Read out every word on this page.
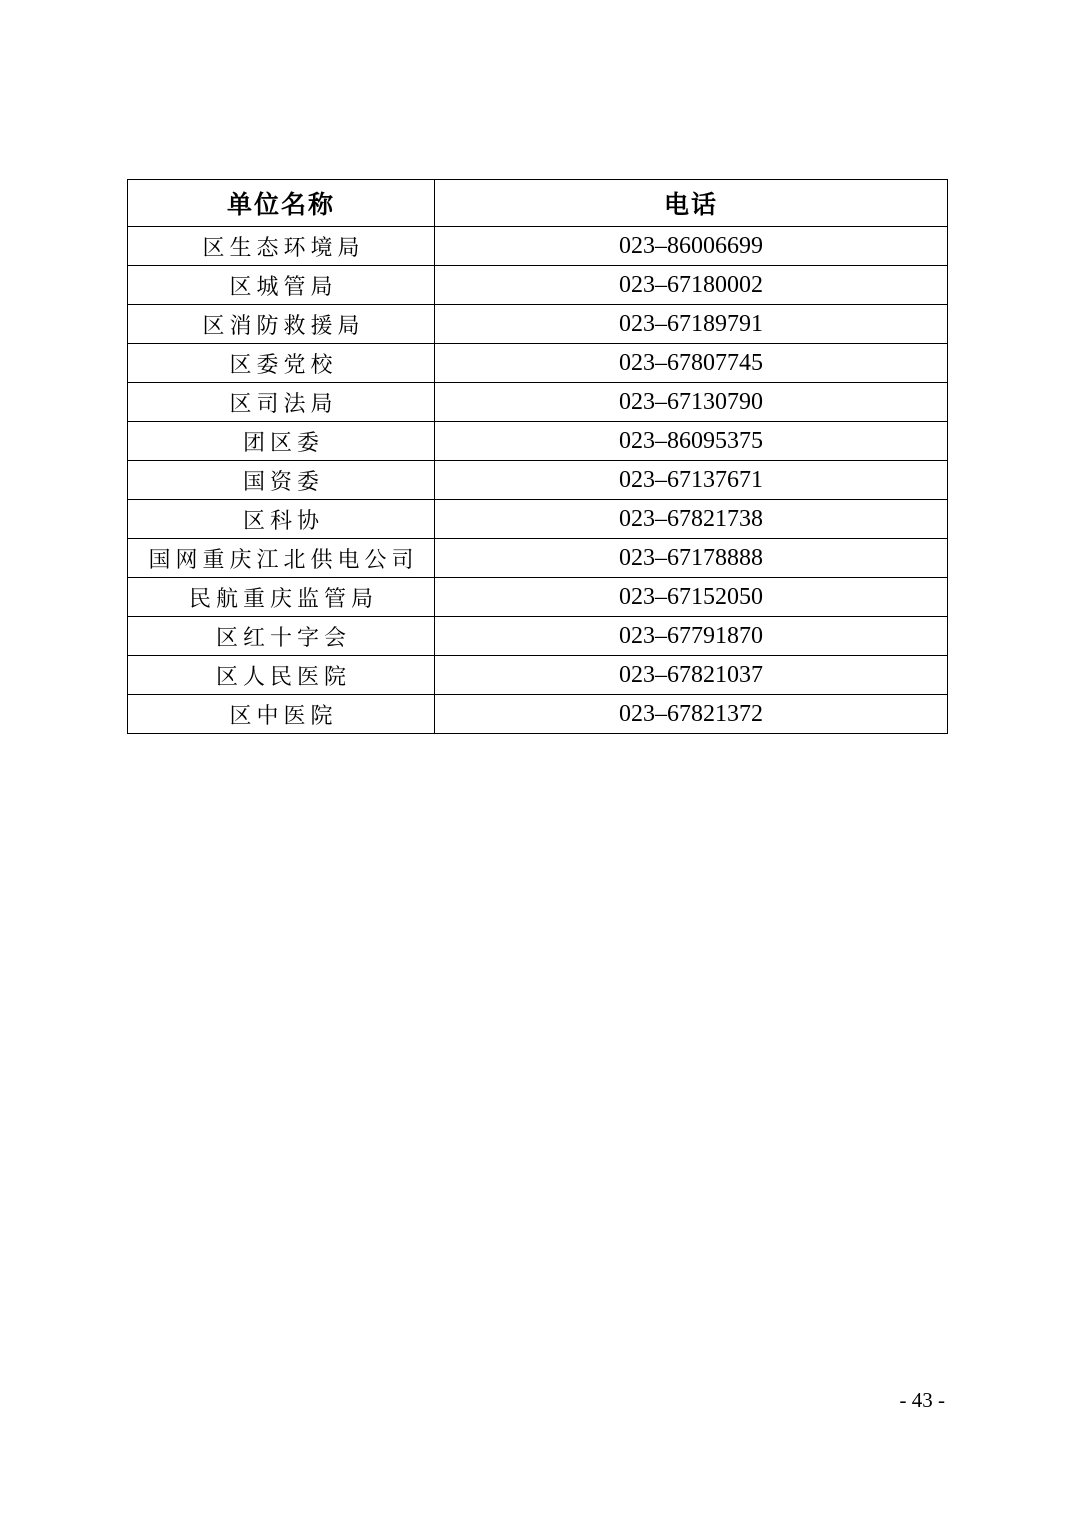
单位名称	电话
区生态环境局	023–86006699
区城管局	023–67180002
区消防救援局	023–67189791
区委党校	023–67807745
区司法局	023–67130790
团区委	023–86095375
国资委	023–67137671
区科协	023–67821738
国网重庆江北供电公司	023–67178888
民航重庆监管局	023–67152050
区红十字会	023–67791870
区人民医院	023–67821037
区中医院	023–67821372
- 43 -
